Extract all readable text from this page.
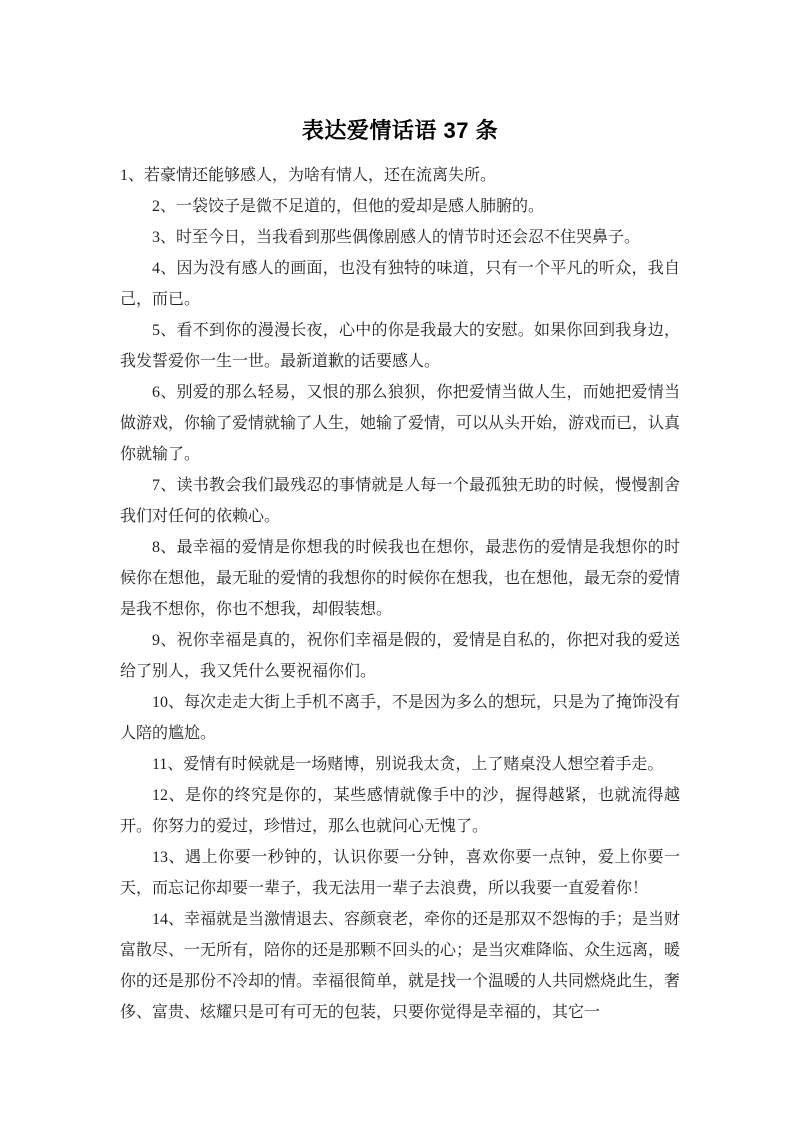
表达爱情话语 37 条

1、若豪情还能够感人，为啥有情人，还在流离失所。

2、一袋饺子是微不足道的，但他的爱却是感人肺腑的。

3、时至今日，当我看到那些偶像剧感人的情节时还会忍不住哭鼻子。

4、因为没有感人的画面，也没有独特的味道，只有一个平凡的听众，我自己，而已。

5、看不到你的漫漫长夜，心中的你是我最大的安慰。如果你回到我身边，我发誓爱你一生一世。最新道歉的话要感人。

6、别爱的那么轻易，又恨的那么狼狈，你把爱情当做人生，而她把爱情当做游戏，你输了爱情就输了人生，她输了爱情，可以从头开始，游戏而已，认真你就输了。

7、读书教会我们最残忍的事情就是人每一个最孤独无助的时候，慢慢割舍我们对任何的依赖心。

8、最幸福的爱情是你想我的时候我也在想你，最悲伤的爱情是我想你的时候你在想他，最无耻的爱情的我想你的时候你在想我，也在想他，最无奈的爱情是我不想你，你也不想我，却假装想。

9、祝你幸福是真的，祝你们幸福是假的，爱情是自私的，你把对我的爱送给了别人，我又凭什么要祝福你们。

10、每次走走大街上手机不离手，不是因为多么的想玩，只是为了掩饰没有人陪的尴尬。

11、爱情有时候就是一场赌博，别说我太贪，上了赌桌没人想空着手走。

12、是你的终究是你的，某些感情就像手中的沙，握得越紧，也就流得越开。你努力的爱过，珍惜过，那么也就问心无愧了。

13、遇上你要一秒钟的，认识你要一分钟，喜欢你要一点钟，爱上你要一天，而忘记你却要一辈子，我无法用一辈子去浪费，所以我要一直爱着你！

14、幸福就是当激情退去、容颜衰老，牵你的还是那双不怨悔的手；是当财富散尽、一无所有，陪你的还是那颗不回头的心；是当灾难降临、众生远离，暖你的还是那份不冷却的情。幸福很简单，就是找一个温暖的人共同燃烧此生，奢侈、富贵、炫耀只是可有可无的包装，只要你觉得是幸福的，其它一
